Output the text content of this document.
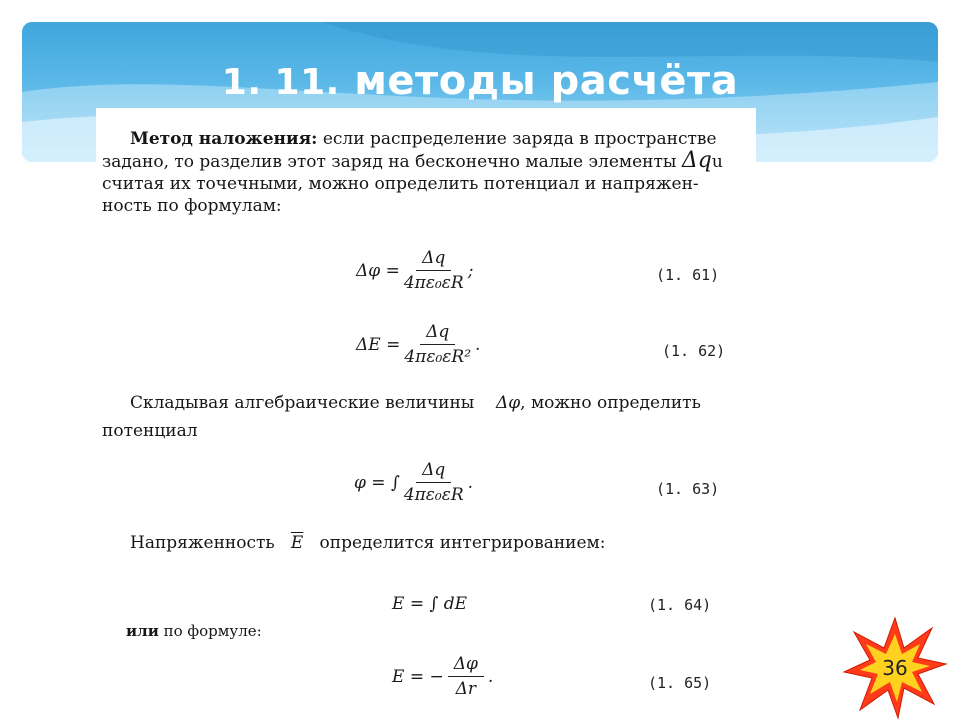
1. 11. методы расчёта
Метод наложения: если распределение заряда в пространстве
задано, то разделив этот заряд на бесконечно малые элементы Δqu
считая их точечными, можно определить потенциал и напряжен-
ность по формулам:
$\Delta\varphi = \frac{\Delta q}{\text{4πε₀εR}}$ ;	(1. 61)
$\Delta E = \frac{\Delta q}{\text{4πε₀εR²}}$ .	(1. 62)
Складывая алгебраические величины Δφ, можно определить
потенциал
φ = ∫ $\frac{\Delta q}{\text{4πε₀εR}}$ .	(1. 63)
Напряженность $\overline{E}$ определится интегрированием:
E = ∫ dE	(1. 64)
или по формуле:
E = − $\frac{\Delta\varphi}{\Delta r}$ .	(1. 65)
36
